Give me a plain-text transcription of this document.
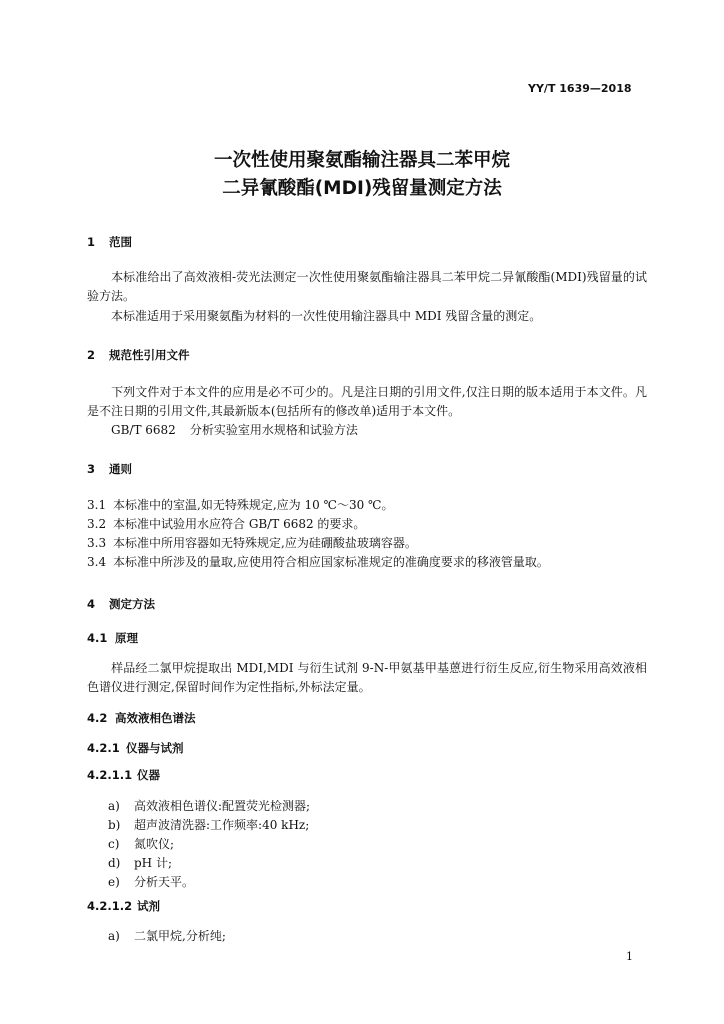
YY/T 1639—2018
一次性使用聚氨酯输注器具二苯甲烷
二异氰酸酯(MDI)残留量测定方法
1 范围
本标准给出了高效液相-荧光法测定一次性使用聚氨酯输注器具二苯甲烷二异氰酸酯(MDI)残留量的试验方法。
本标准适用于采用聚氨酯为材料的一次性使用输注器具中 MDI 残留含量的测定。
2 规范性引用文件
下列文件对于本文件的应用是必不可少的。凡是注日期的引用文件,仅注日期的版本适用于本文件。凡是不注日期的引用文件,其最新版本(包括所有的修改单)适用于本文件。
GB/T 6682 分析实验室用水规格和试验方法
3 通则
3.1 本标准中的室温,如无特殊规定,应为 10 ℃～30 ℃。
3.2 本标准中试验用水应符合 GB/T 6682 的要求。
3.3 本标准中所用容器如无特殊规定,应为硅硼酸盐玻璃容器。
3.4 本标准中所涉及的量取,应使用符合相应国家标准规定的准确度要求的移液管量取。
4 测定方法
4.1 原理
样品经二氯甲烷提取出 MDI,MDI 与衍生试剂 9-N-甲氨基甲基蒽进行衍生反应,衍生物采用高效液相色谱仪进行测定,保留时间作为定性指标,外标法定量。
4.2 高效液相色谱法
4.2.1 仪器与试剂
4.2.1.1 仪器
a) 高效液相色谱仪:配置荧光检测器;
b) 超声波清洗器:工作频率:40 kHz;
c) 氮吹仪;
d) pH 计;
e) 分析天平。
4.2.1.2 试剂
a) 二氯甲烷,分析纯;
1
